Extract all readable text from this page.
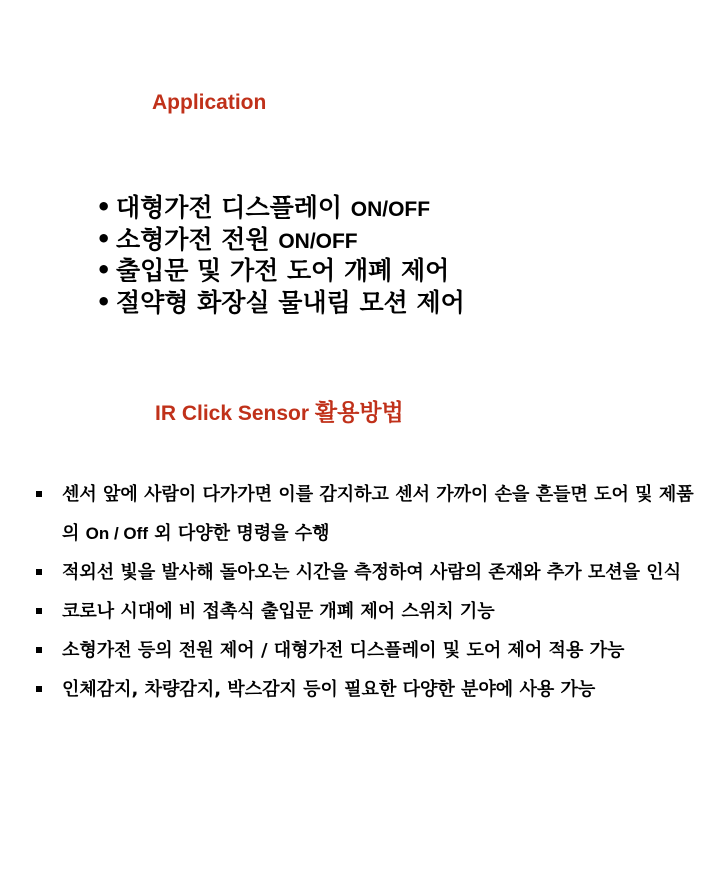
Application
• 대형가전 디스플레이 ON/OFF
• 소형가전 전원 ON/OFF
• 출입문 및 가전 도어 개폐 제어
• 절약형 화장실 물내림 모션 제어
IR Click Sensor 활용방법
센서 앞에 사람이 다가가면 이를 감지하고 센서 가까이 손을 흔들면 도어 및 제품의 On / Off 외 다양한 명령을 수행
적외선 빛을 발사해 돌아오는 시간을 측정하여 사람의 존재와 추가 모션을 인식
코로나 시대에 비 접촉식 출입문 개폐 제어 스위치 기능
소형가전 등의 전원 제어 / 대형가전 디스플레이 및 도어 제어 적용 가능
인체감지, 차량감지, 박스감지 등이 필요한 다양한 분야에 사용 가능
